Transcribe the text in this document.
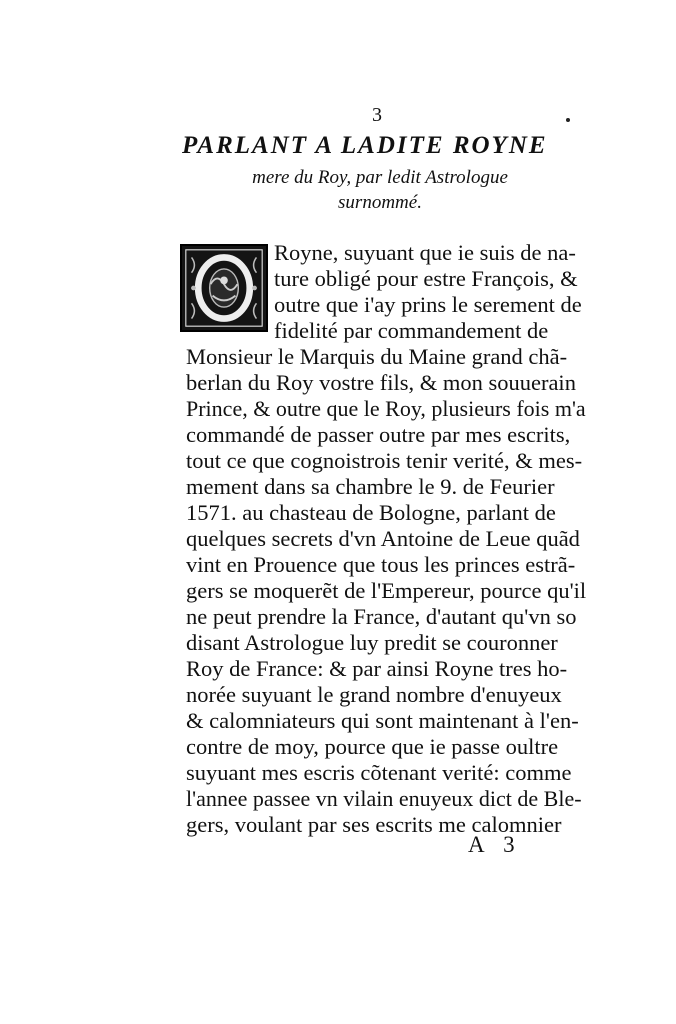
3
PARLANT A LADITE ROYNE
mere du Roy, par ledit Astrologue
surnommé.
Royne, suyuant que ie suis de na-
ture obligé pour estre François, &
outre que i'ay prins le serement de
fidelité par commandement de
Monsieur le Marquis du Maine grand chã-
berlan du Roy vostre fils, & mon souuerain
Prince, & outre que le Roy, plusieurs fois m'a
commandé de passer outre par mes escrits,
tout ce que cognoistrois tenir verité, & mes-
mement dans sa chambre le 9. de Feurier
1571. au chasteau de Bologne, parlant de
quelques secrets d'vn Antoine de Leue quãd
vint en Prouence que tous les princes estrã-
gers se moquerẽt de l'Empereur, pource qu'il
ne peut prendre la France, d'autant qu'vn so
disant Astrologue luy predit se couronner
Roy de France: & par ainsi Royne tres ho-
norée suyuant le grand nombre d'enuyeux
& calomniateurs qui sont maintenant à l'en-
contre de moy, pource que ie passe oultre
suyuant mes escris cõtenant verité: comme
l'annee passee vn vilain enuyeux dict de Ble-
gers, voulant par ses escrits me calomnier
A 3
